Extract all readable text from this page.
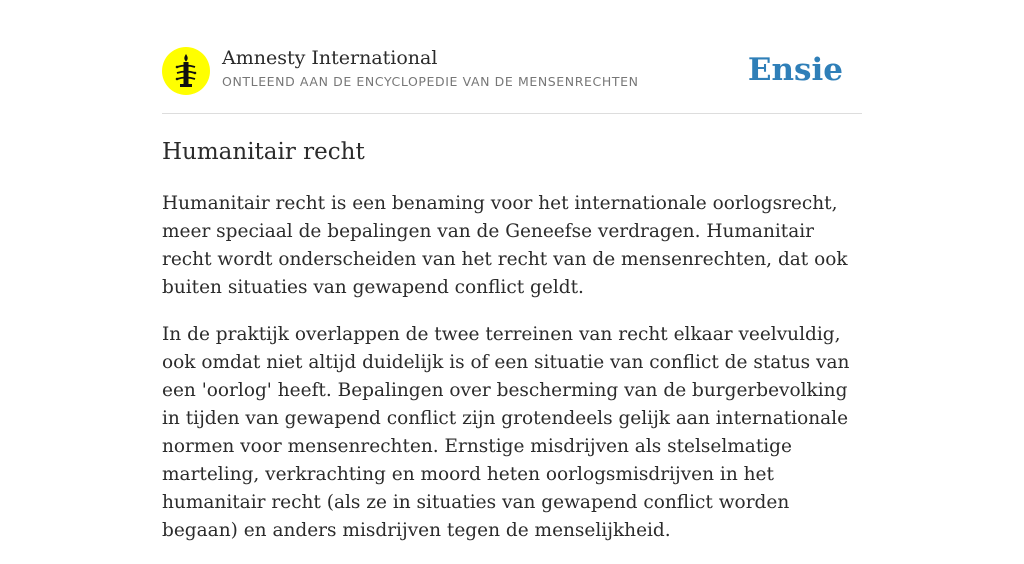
Amnesty International
ONTLEEND AAN DE ENCYCLOPEDIE VAN DE MENSENRECHTEN	Ensie
Humanitair recht

Humanitair recht is een benaming voor het internationale oorlogsrecht, meer speciaal de bepalingen van de Geneefse verdragen. Humanitair recht wordt onderscheiden van het recht van de mensenrechten, dat ook buiten situaties van gewapend conflict geldt.

In de praktijk overlappen de twee terreinen van recht elkaar veelvuldig, ook omdat niet altijd duidelijk is of een situatie van conflict de status van een 'oorlog' heeft. Bepalingen over bescherming van de burgerbevolking in tijden van gewapend conflict zijn grotendeels gelijk aan internationale normen voor mensenrechten. Ernstige misdrijven als stelselmatige marteling, verkrachting en moord heten oorlogsmisdrijven in het humanitair recht (als ze in situaties van gewapend conflict worden begaan) en anders misdrijven tegen de menselijkheid.
